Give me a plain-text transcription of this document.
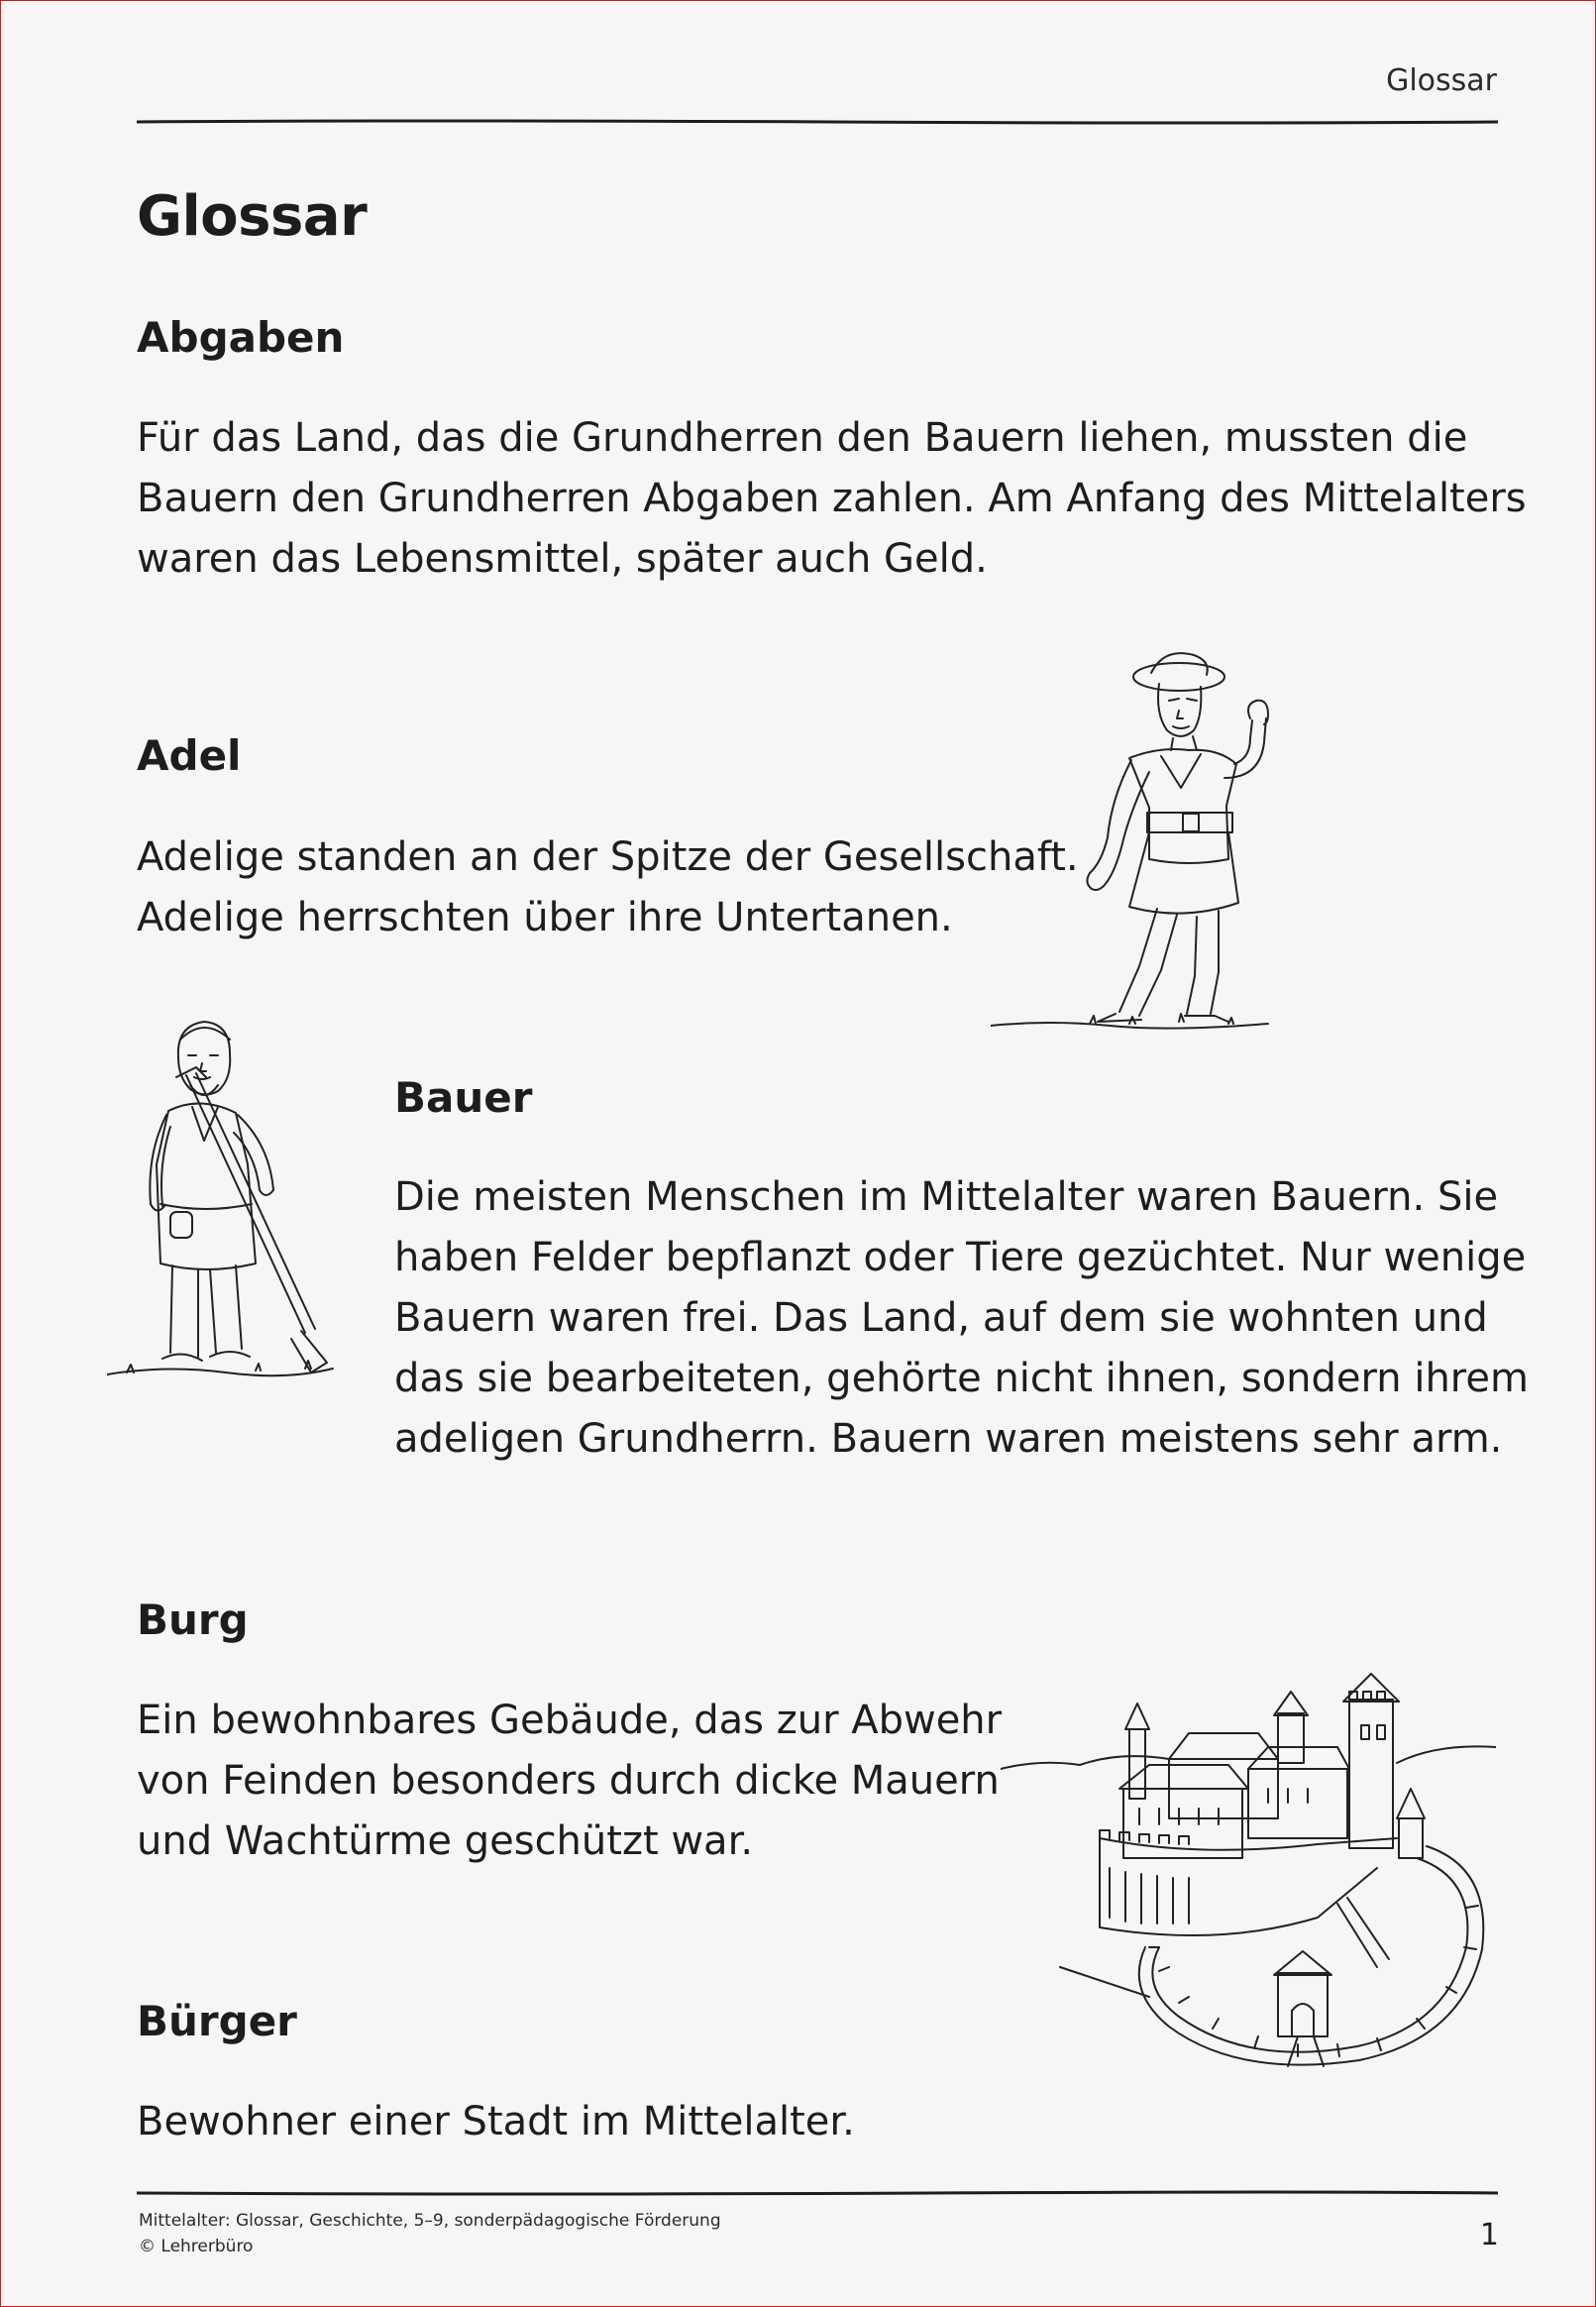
Glossar
Glossar
Abgaben
Für das Land, das die Grundherren den Bauern liehen, mussten die
Bauern den Grundherren Abgaben zahlen. Am Anfang des Mittelalters
waren das Lebensmittel, später auch Geld.
Adel
Adelige standen an der Spitze der Gesellschaft.
Adelige herrschten über ihre Untertanen.
Bauer
Die meisten Menschen im Mittelalter waren Bauern. Sie
haben Felder bepflanzt oder Tiere gezüchtet. Nur wenige
Bauern waren frei. Das Land, auf dem sie wohnten und
das sie bearbeiteten, gehörte nicht ihnen, sondern ihrem
adeligen Grundherrn. Bauern waren meistens sehr arm.
Burg
Ein bewohnbares Gebäude, das zur Abwehr
von Feinden besonders durch dicke Mauern
und Wachtürme geschützt war.
Bürger
Bewohner einer Stadt im Mittelalter.
Mittelalter: Glossar, Geschichte, 5–9, sonderpädagogische Förderung
© Lehrerbüro	1
